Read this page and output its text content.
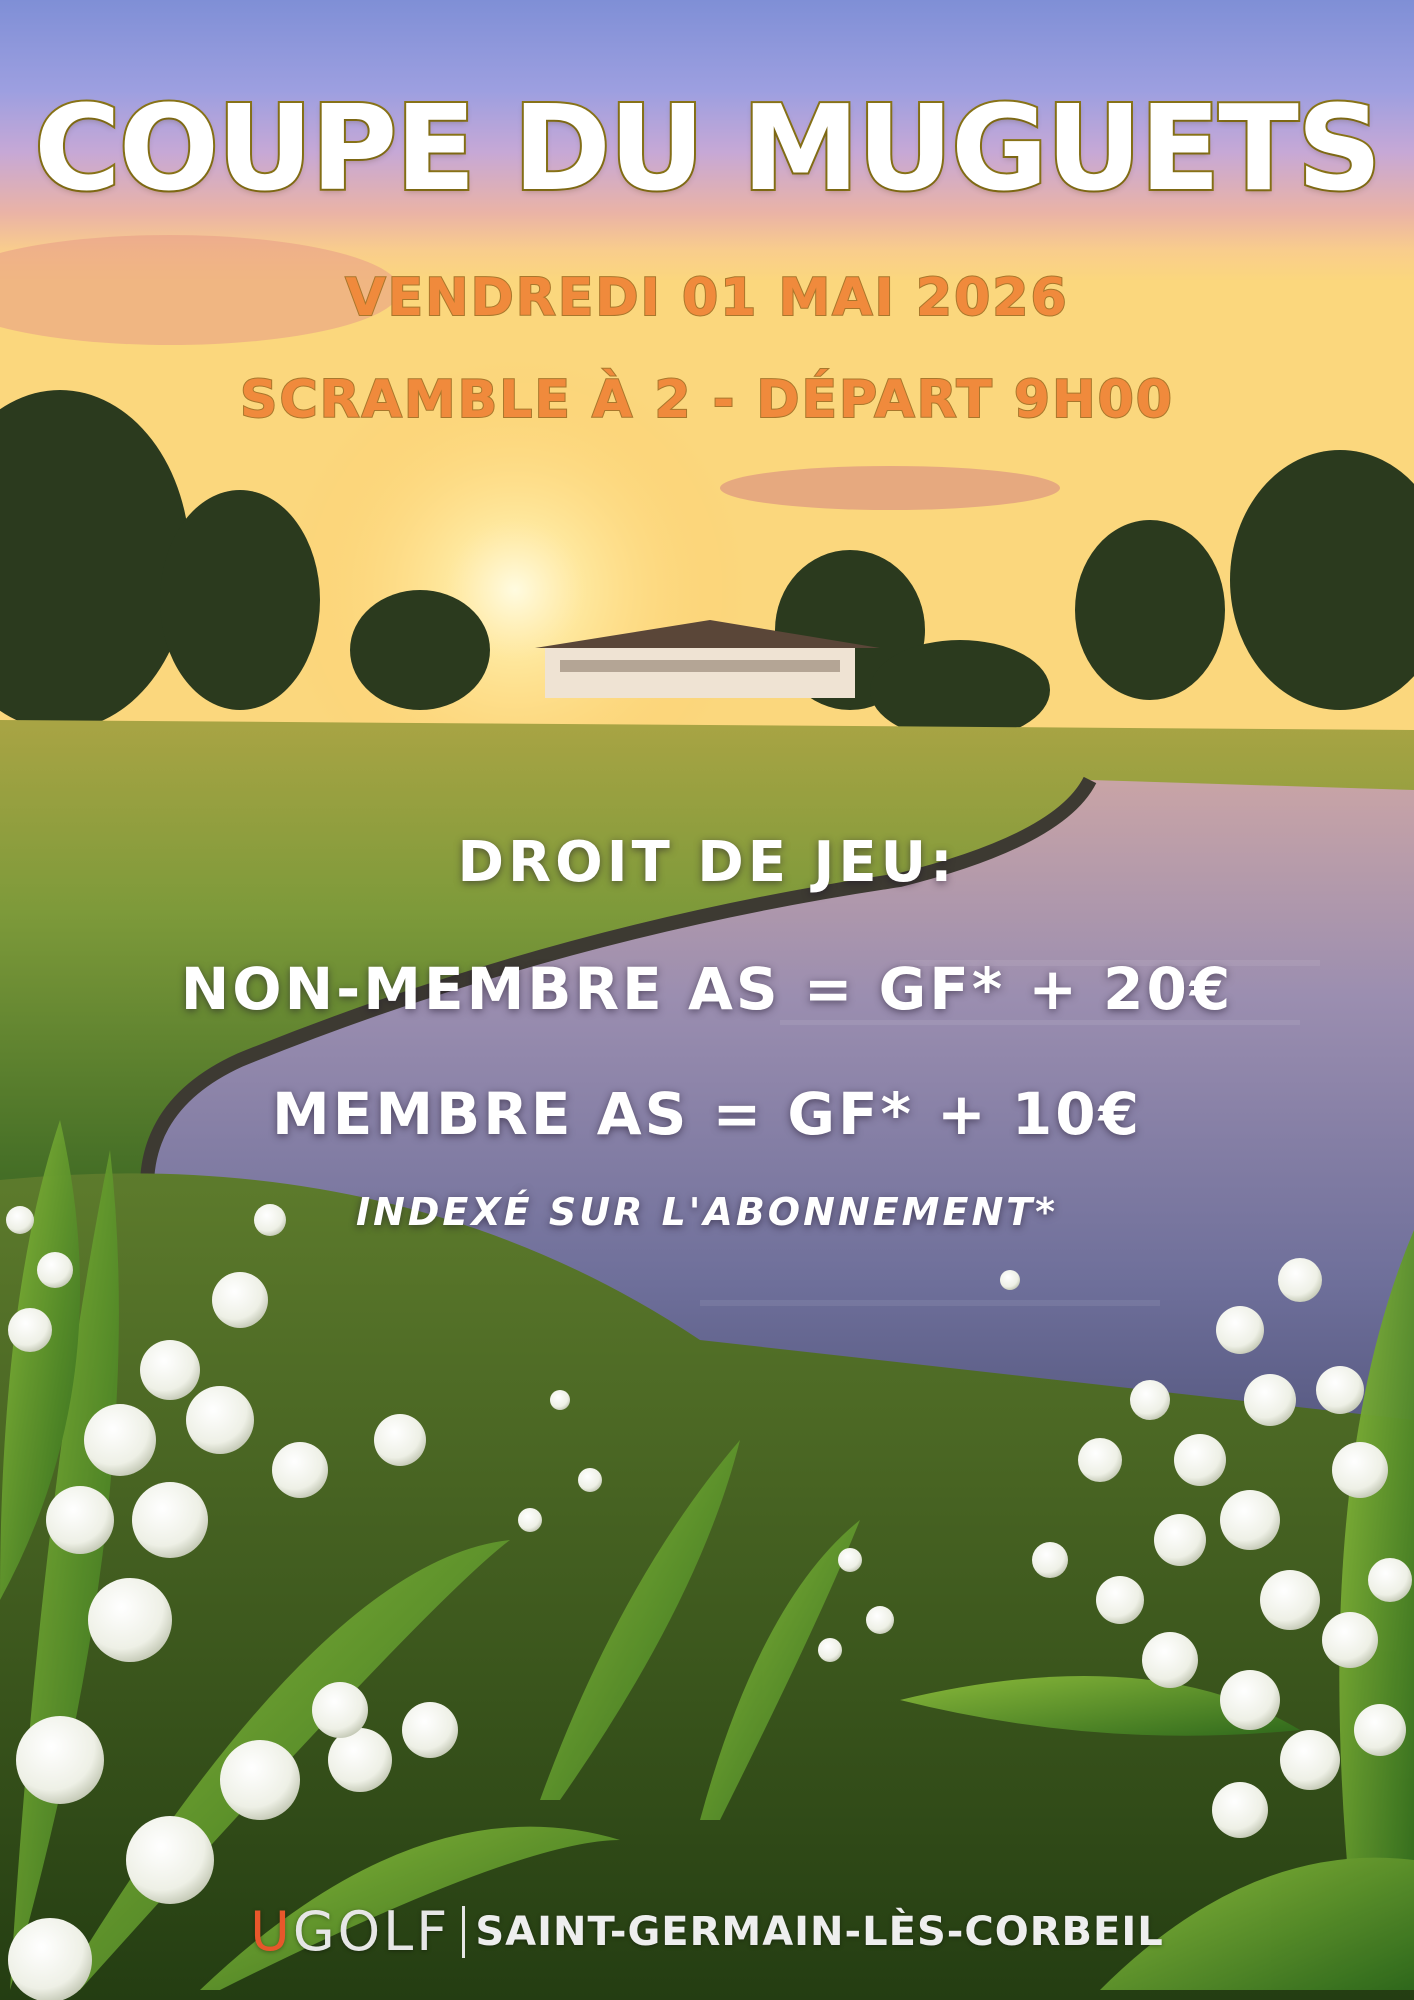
COUPE DU MUGUETS
VENDREDI 01 MAI 2026
SCRAMBLE À 2 - DÉPART 9H00
DROIT DE JEU:
NON-MEMBRE AS = GF* + 20€
MEMBRE AS = GF* + 10€
INDEXÉ SUR L'ABONNEMENT*
UGOLF SAINT-GERMAIN-LÈS-CORBEIL
